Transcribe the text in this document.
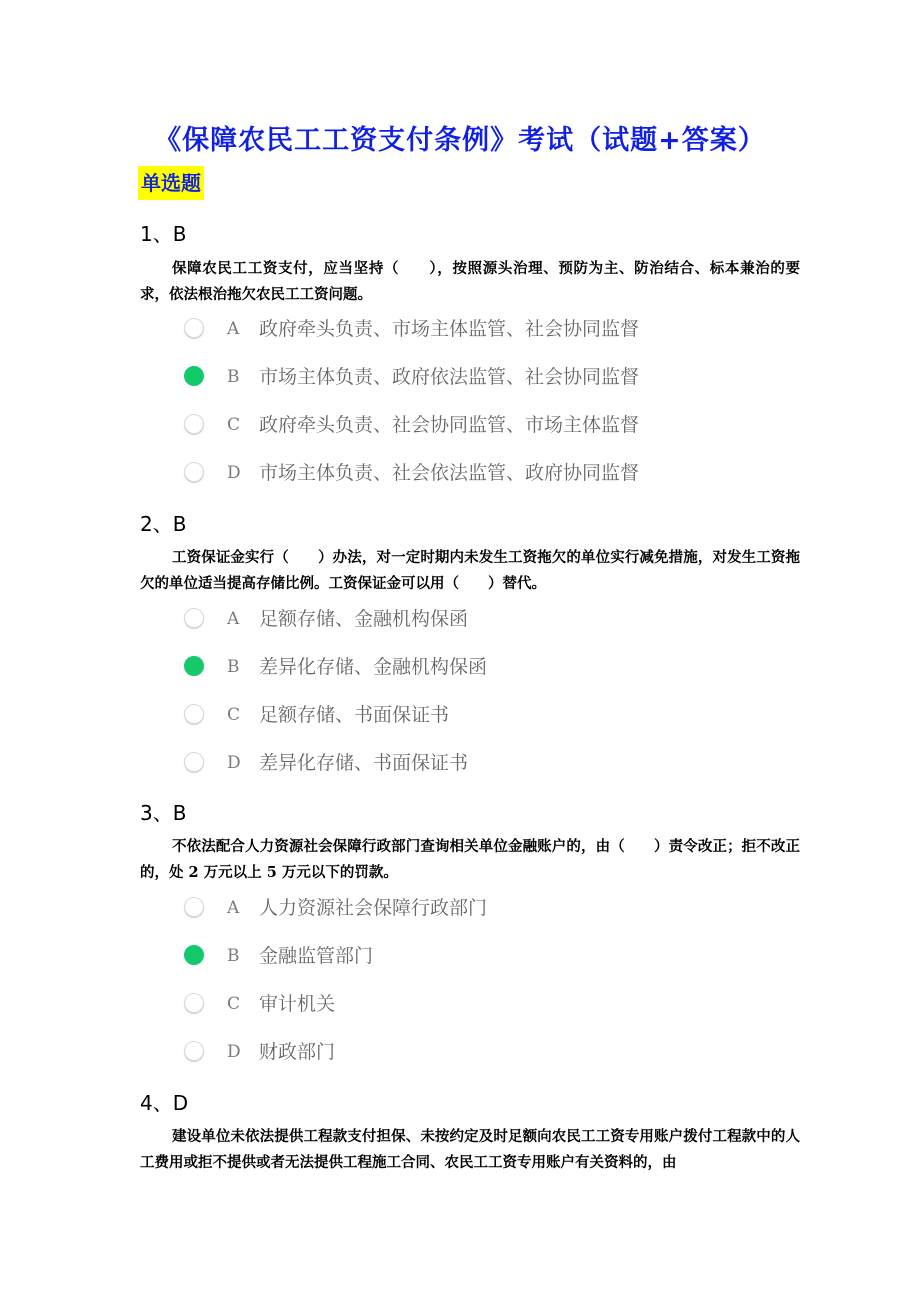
《保障农民工工资支付条例》考试（试题+答案）
单选题
1、B
保障农民工工资支付，应当坚持（　　），按照源头治理、预防为主、防治结合、标本兼治的要求，依法根治拖欠农民工工资问题。
A 政府牵头负责、市场主体监管、社会协同监督
B 市场主体负责、政府依法监管、社会协同监督
C 政府牵头负责、社会协同监管、市场主体监督
D 市场主体负责、社会依法监管、政府协同监督
2、B
工资保证金实行（　　）办法，对一定时期内未发生工资拖欠的单位实行减免措施，对发生工资拖欠的单位适当提高存储比例。工资保证金可以用（　　）替代。
A 足额存储、金融机构保函
B 差异化存储、金融机构保函
C 足额存储、书面保证书
D 差异化存储、书面保证书
3、B
不依法配合人力资源社会保障行政部门查询相关单位金融账户的，由（　　）责令改正；拒不改正的，处 2 万元以上 5 万元以下的罚款。
A 人力资源社会保障行政部门
B 金融监管部门
C 审计机关
D 财政部门
4、D
建设单位未依法提供工程款支付担保、未按约定及时足额向农民工工资专用账户拨付工程款中的人工费用或拒不提供或者无法提供工程施工合同、农民工工资专用账户有关资料的，由
